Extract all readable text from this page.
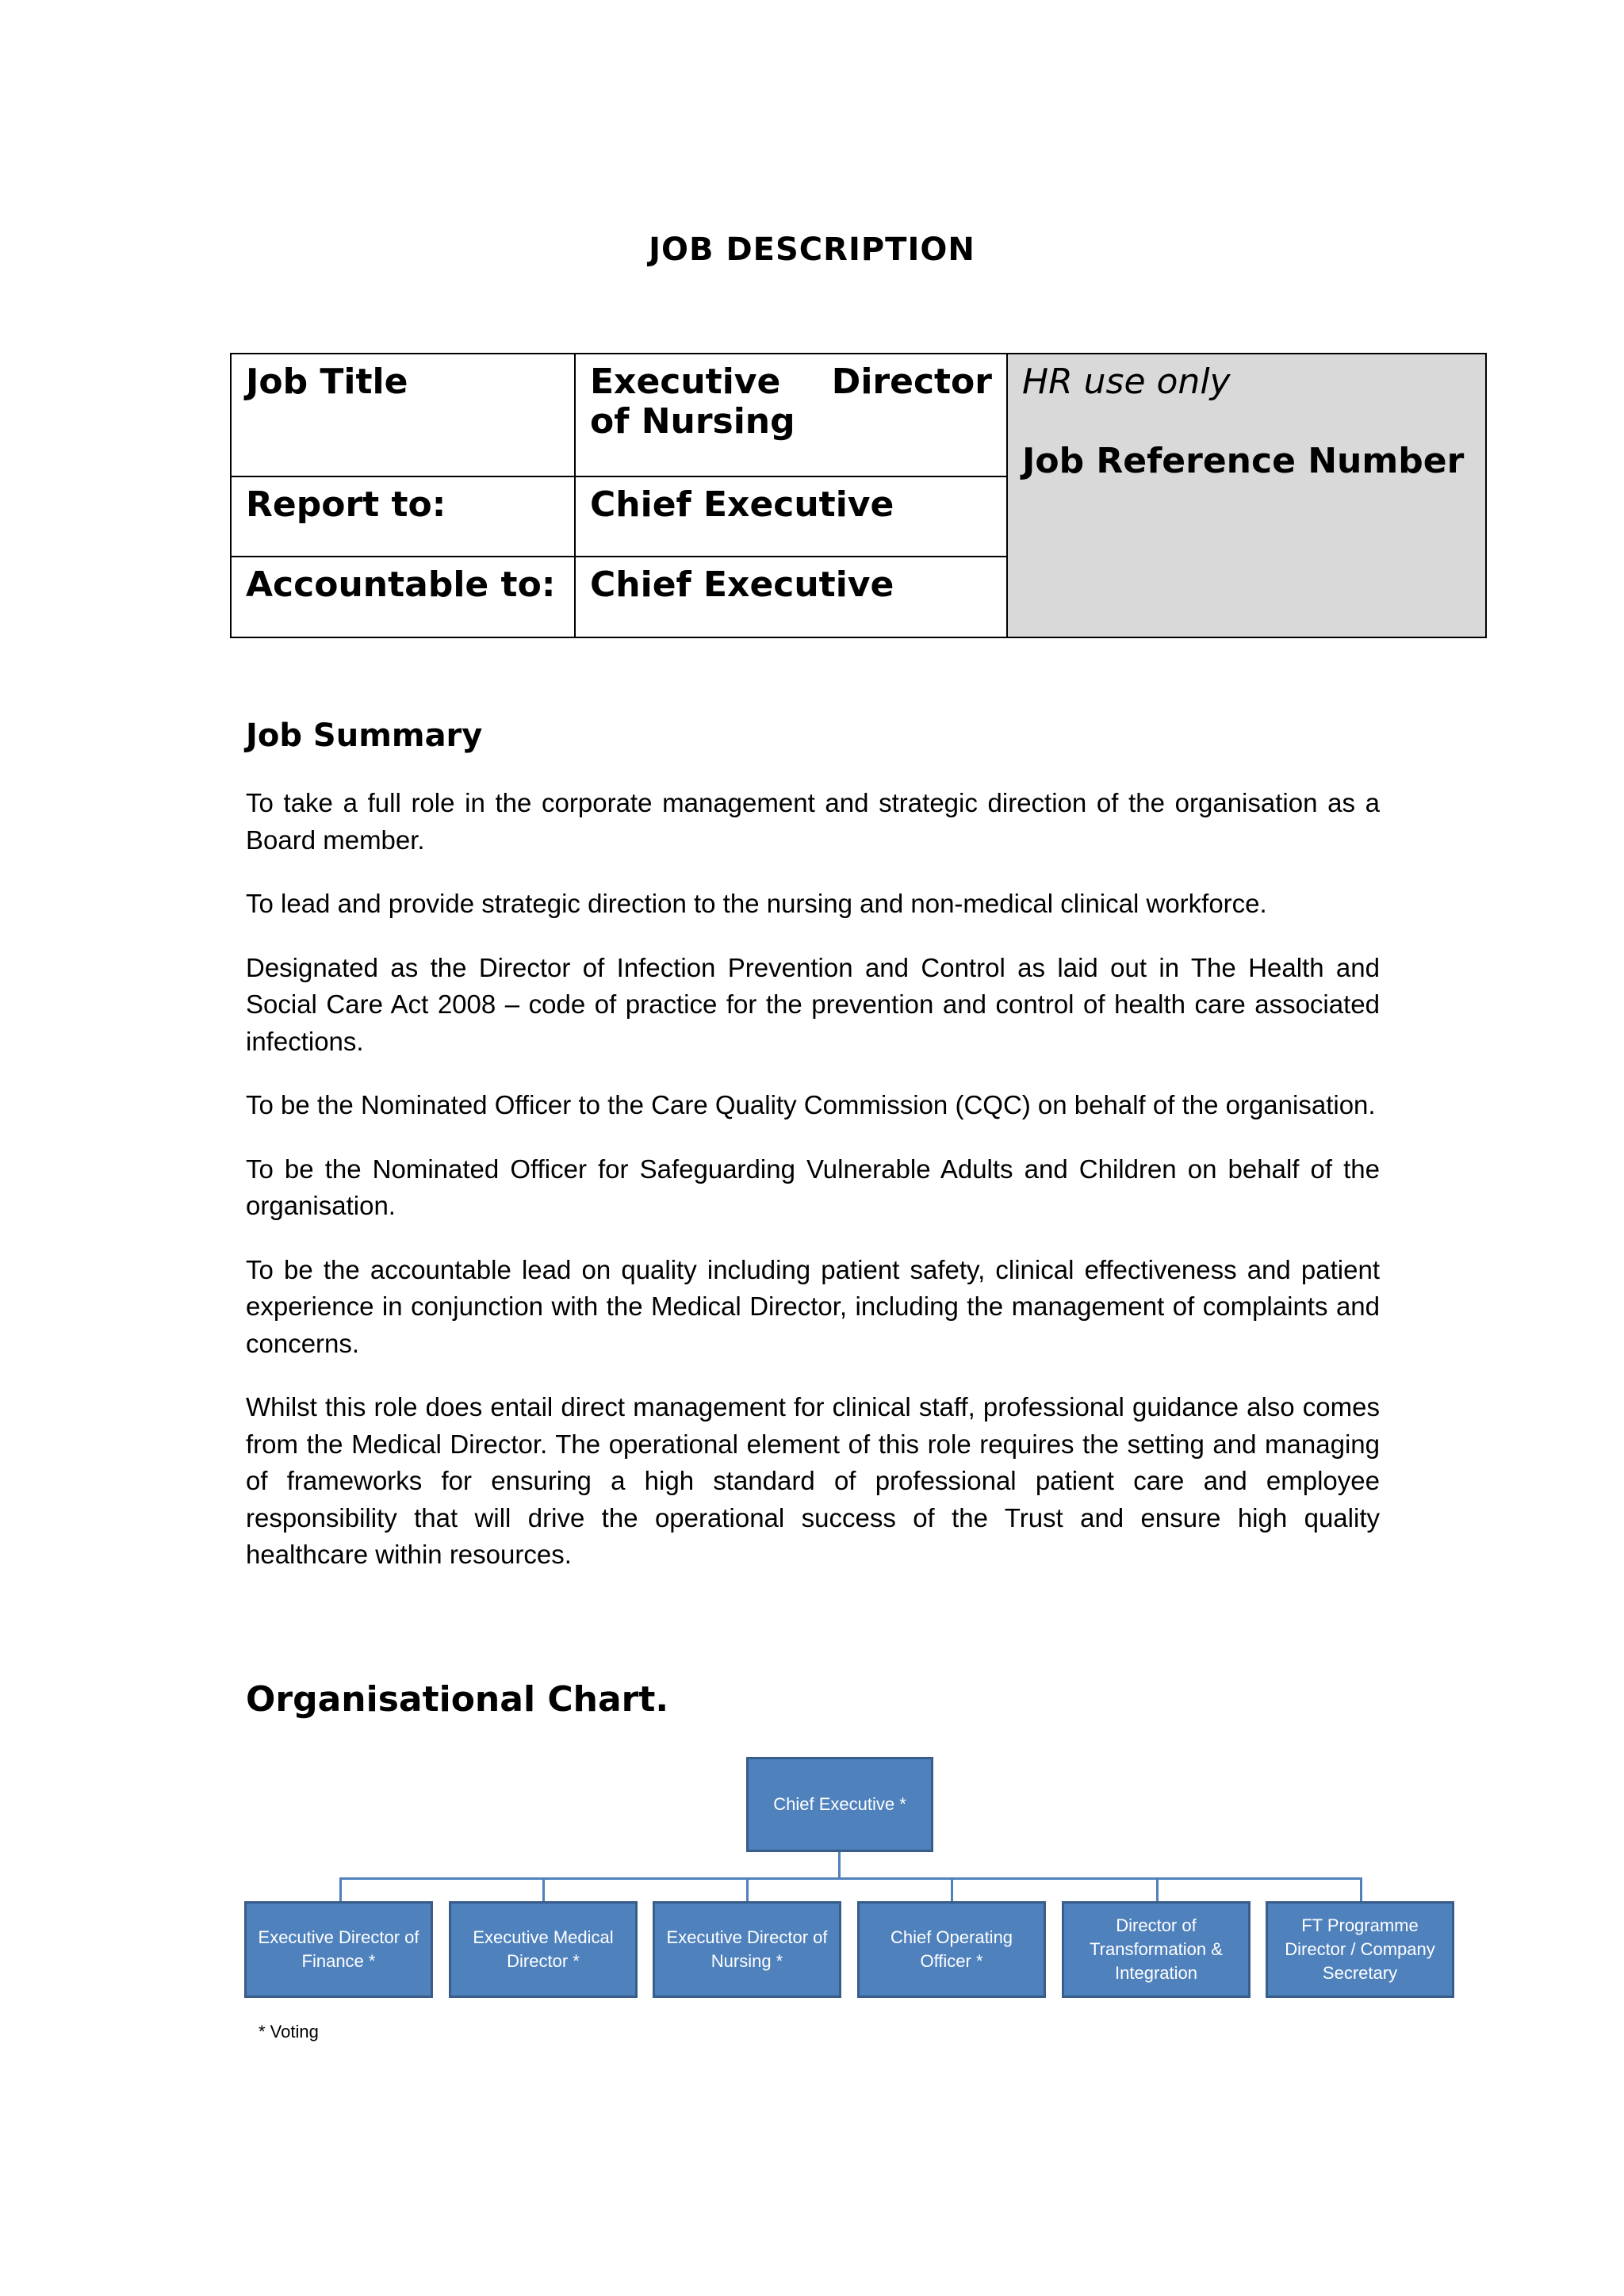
JOB DESCRIPTION
Job Title	Executive Director of Nursing	HR use only
Job Reference Number

Report to:	Chief Executive	
Accountable to:	Chief Executive	
Job Summary

To take a full role in the corporate management and strategic direction of the organisation as a Board member.

To lead and provide strategic direction to the nursing and non-medical clinical workforce.

Designated as the Director of Infection Prevention and Control as laid out in The Health and Social Care Act 2008 – code of practice for the prevention and control of health care associated infections.

To be the Nominated Officer to the Care Quality Commission (CQC) on behalf of the organisation.

To be the Nominated Officer for Safeguarding Vulnerable Adults and Children on behalf of the organisation.

To be the accountable lead on quality including patient safety, clinical effectiveness and patient experience in conjunction with the Medical Director, including the management of complaints and concerns.

Whilst this role does entail direct management for clinical staff, professional guidance also comes from the Medical Director. The operational element of this role requires the setting and managing of frameworks for ensuring a high standard of professional patient care and employee responsibility that will drive the operational success of the Trust and ensure high quality healthcare within resources.

Organisational Chart.
Chief Executive *
Executive Director of Finance *
Executive Medical Director *
Executive Director of Nursing *
Chief Operating Officer *
Director of Transformation & Integration
FT Programme Director / Company Secretary
* Voting
